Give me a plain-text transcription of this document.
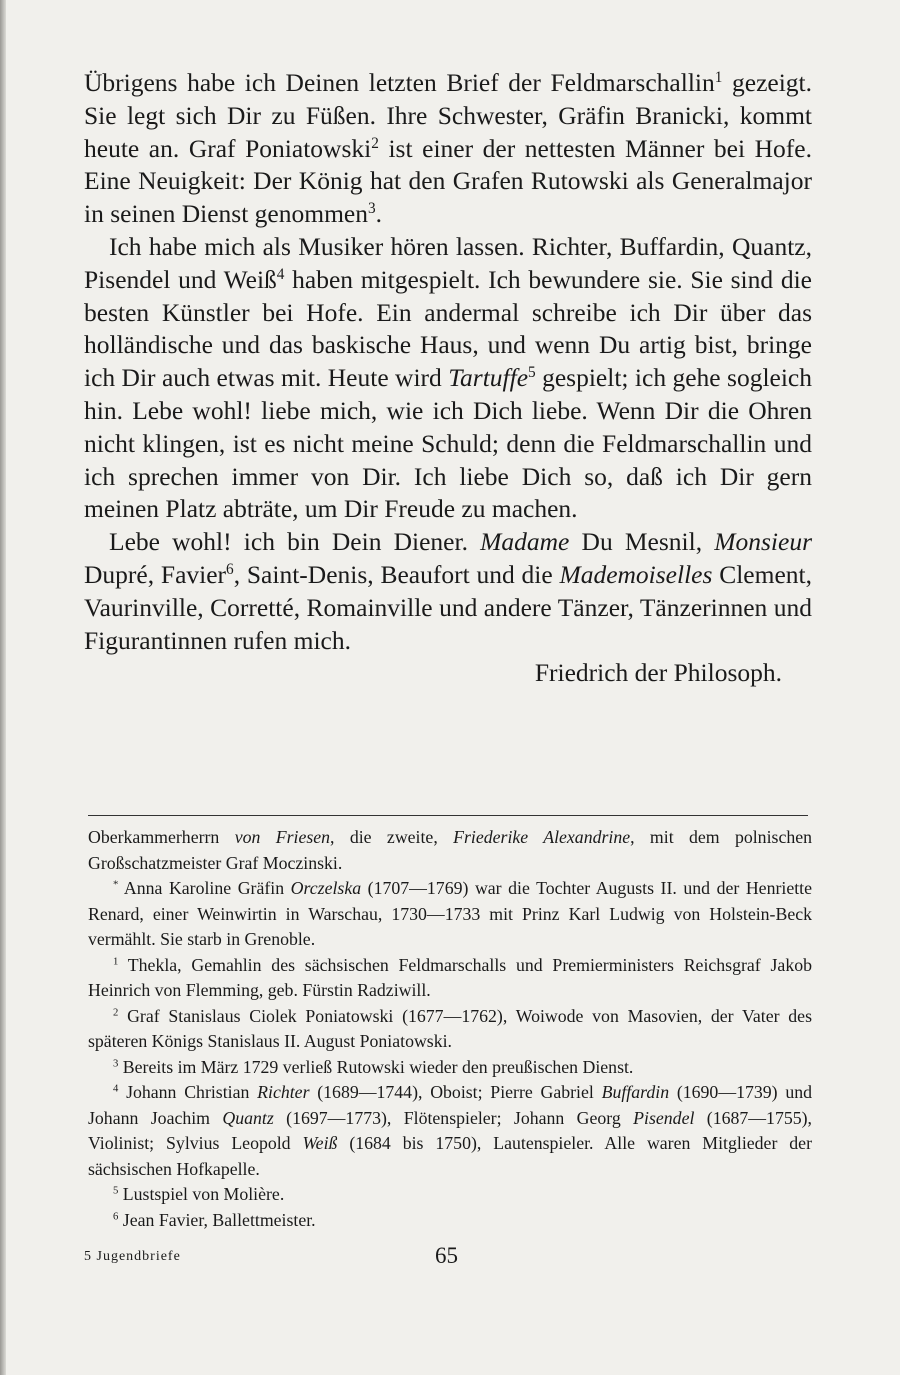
Übrigens habe ich Deinen letzten Brief der Feldmarschallin$^1$ gezeigt. Sie legt sich Dir zu Füßen. Ihre Schwester, Gräfin Branicki, kommt heute an. Graf Poniatowski$^2$ ist einer der nettesten Männer bei Hofe. Eine Neuigkeit: Der König hat den Grafen Rutowski als Generalmajor in seinen Dienst genommen$^3$.

Ich habe mich als Musiker hören lassen. Richter, Buffardin, Quantz, Pisendel und Weiß$^4$ haben mitgespielt. Ich bewundere sie. Sie sind die besten Künstler bei Hofe. Ein andermal schreibe ich Dir über das holländische und das baskische Haus, und wenn Du artig bist, bringe ich Dir auch etwas mit. Heute wird Tartuffe$^5$ gespielt; ich gehe sogleich hin. Lebe wohl! liebe mich, wie ich Dich liebe. Wenn Dir die Ohren nicht klingen, ist es nicht meine Schuld; denn die Feldmarschallin und ich sprechen immer von Dir. Ich liebe Dich so, daß ich Dir gern meinen Platz abträte, um Dir Freude zu machen.

Lebe wohl! ich bin Dein Diener. Madame Du Mesnil, Monsieur Dupré, Favier$^6$, Saint-Denis, Beaufort und die Mademoiselles Clement, Vaurinville, Corretté, Romainville und andere Tänzer, Tänzerinnen und Figurantinnen rufen mich.

Friedrich der Philosoph.

Oberkammerherrn von Friesen, die zweite, Friederike Alexandrine, mit dem polnischen Großschatzmeister Graf Moczinski.

* Anna Karoline Gräfin Orczelska (1707—1769) war die Tochter Augusts II. und der Henriette Renard, einer Weinwirtin in Warschau, 1730—1733 mit Prinz Karl Ludwig von Holstein-Beck vermählt. Sie starb in Grenoble.

$^1$ Thekla, Gemahlin des sächsischen Feldmarschalls und Premierministers Reichsgraf Jakob Heinrich von Flemming, geb. Fürstin Radziwill.

$^2$ Graf Stanislaus Ciolek Poniatowski (1677—1762), Woiwode von Masovien, der Vater des späteren Königs Stanislaus II. August Poniatowski.

$^3$ Bereits im März 1729 verließ Rutowski wieder den preußischen Dienst.

$^4$ Johann Christian Richter (1689—1744), Oboist; Pierre Gabriel Buffardin (1690—1739) und Johann Joachim Quantz (1697—1773), Flötenspieler; Johann Georg Pisendel (1687—1755), Violinist; Sylvius Leopold Weiß (1684 bis 1750), Lautenspieler. Alle waren Mitglieder der sächsischen Hofkapelle.

$^5$ Lustspiel von Molière.

$^6$ Jean Favier, Ballettmeister.

5 Jugendbriefe	65
